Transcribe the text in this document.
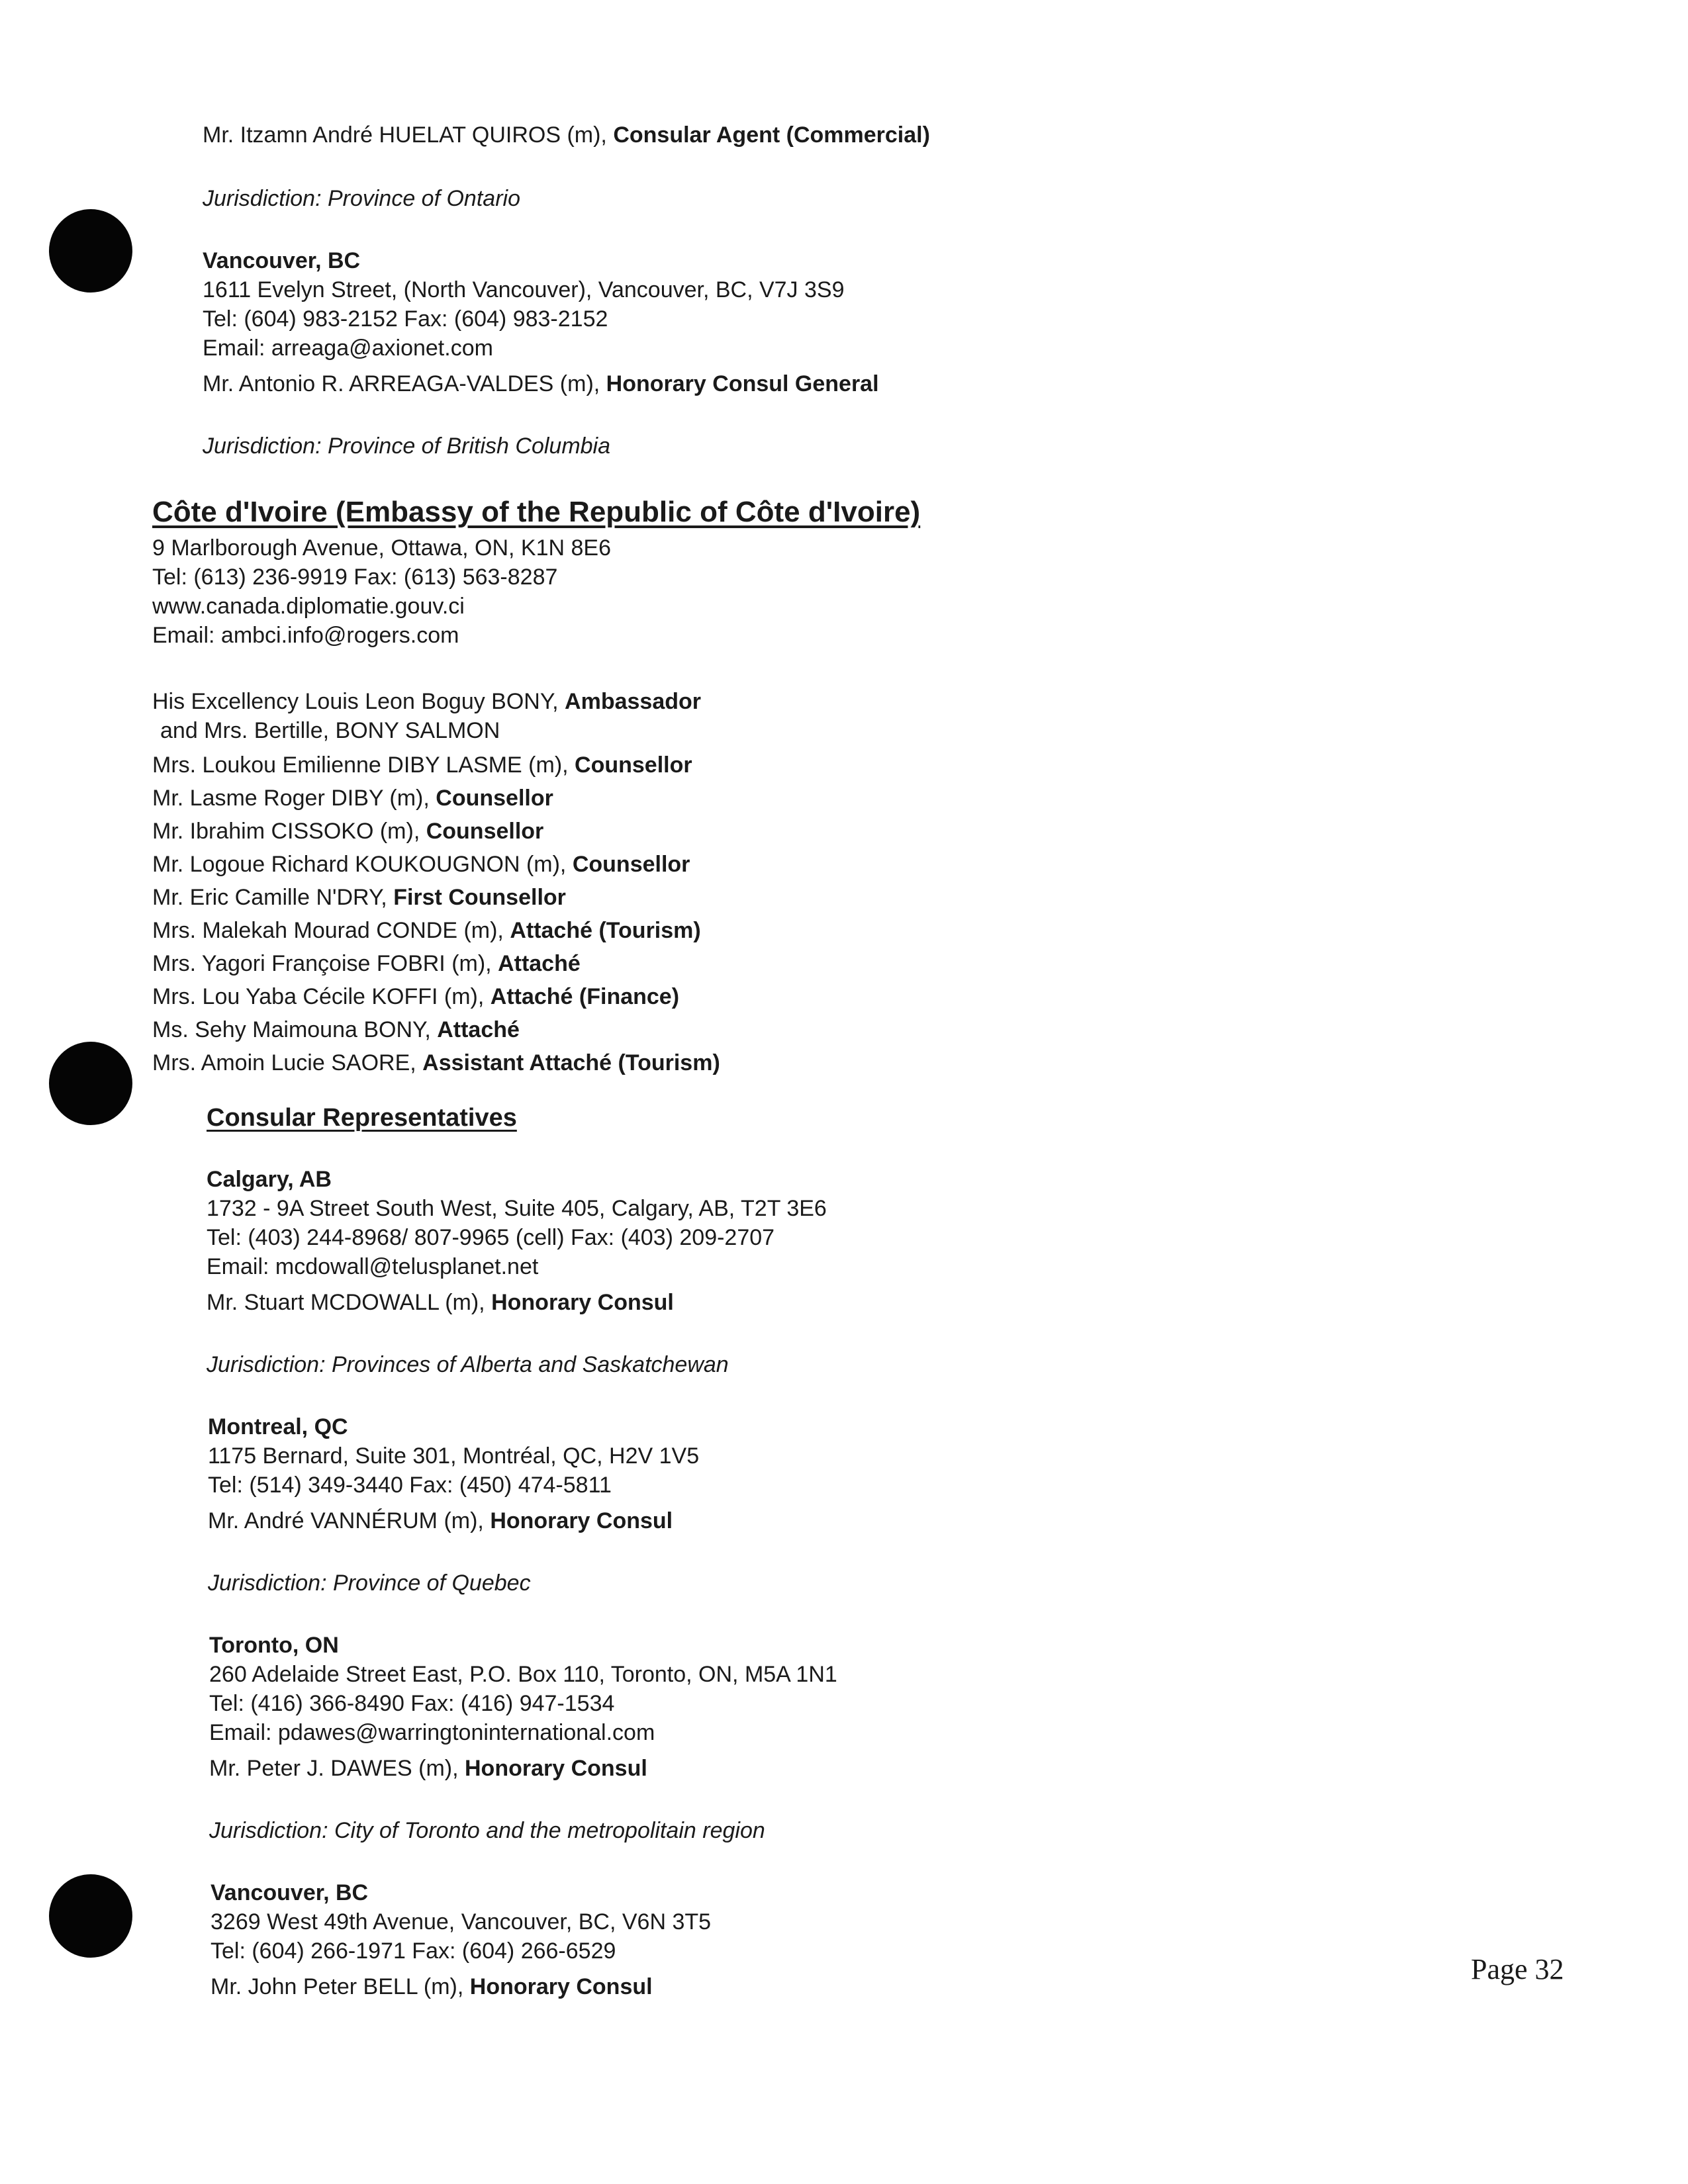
Mr. Itzamn André HUELAT QUIROS (m), Consular Agent (Commercial)
Jurisdiction: Province of Ontario
Vancouver, BC
1611 Evelyn Street, (North Vancouver), Vancouver, BC, V7J 3S9
Tel: (604) 983-2152 Fax: (604) 983-2152
Email: arreaga@axionet.com
Mr. Antonio R. ARREAGA-VALDES (m), Honorary Consul General
Jurisdiction: Province of British Columbia
Côte d'Ivoire (Embassy of the Republic of Côte d'Ivoire)
9 Marlborough Avenue, Ottawa, ON, K1N 8E6
Tel: (613) 236-9919 Fax: (613) 563-8287
www.canada.diplomatie.gouv.ci
Email: ambci.info@rogers.com
His Excellency Louis Leon Boguy BONY, Ambassador
and Mrs. Bertille, BONY SALMON
Mrs. Loukou Emilienne DIBY LASME (m), Counsellor
Mr. Lasme Roger DIBY (m), Counsellor
Mr. Ibrahim CISSOKO (m), Counsellor
Mr. Logoue Richard KOUKOUGNON (m), Counsellor
Mr. Eric Camille N'DRY, First Counsellor
Mrs. Malekah Mourad CONDE (m), Attaché (Tourism)
Mrs. Yagori Françoise FOBRI (m), Attaché
Mrs. Lou Yaba Cécile KOFFI (m), Attaché (Finance)
Ms. Sehy Maimouna BONY, Attaché
Mrs. Amoin Lucie SAORE, Assistant Attaché (Tourism)
Consular Representatives
Calgary, AB
1732 - 9A Street South West, Suite 405, Calgary, AB, T2T 3E6
Tel: (403) 244-8968/ 807-9965 (cell) Fax: (403) 209-2707
Email: mcdowall@telusplanet.net
Mr. Stuart MCDOWALL (m), Honorary Consul
Jurisdiction: Provinces of Alberta and Saskatchewan
Montreal, QC
1175 Bernard, Suite 301, Montréal, QC, H2V 1V5
Tel: (514) 349-3440 Fax: (450) 474-5811
Mr. André VANNÉRUM (m), Honorary Consul
Jurisdiction: Province of Quebec
Toronto, ON
260 Adelaide Street East, P.O. Box 110, Toronto, ON, M5A 1N1
Tel: (416) 366-8490 Fax: (416) 947-1534
Email: pdawes@warringtoninternational.com
Mr. Peter J. DAWES (m), Honorary Consul
Jurisdiction: City of Toronto and the metropolitain region
Vancouver, BC
3269 West 49th Avenue, Vancouver, BC, V6N 3T5
Tel: (604) 266-1971 Fax: (604) 266-6529
Mr. John Peter BELL (m), Honorary Consul
Page 32
